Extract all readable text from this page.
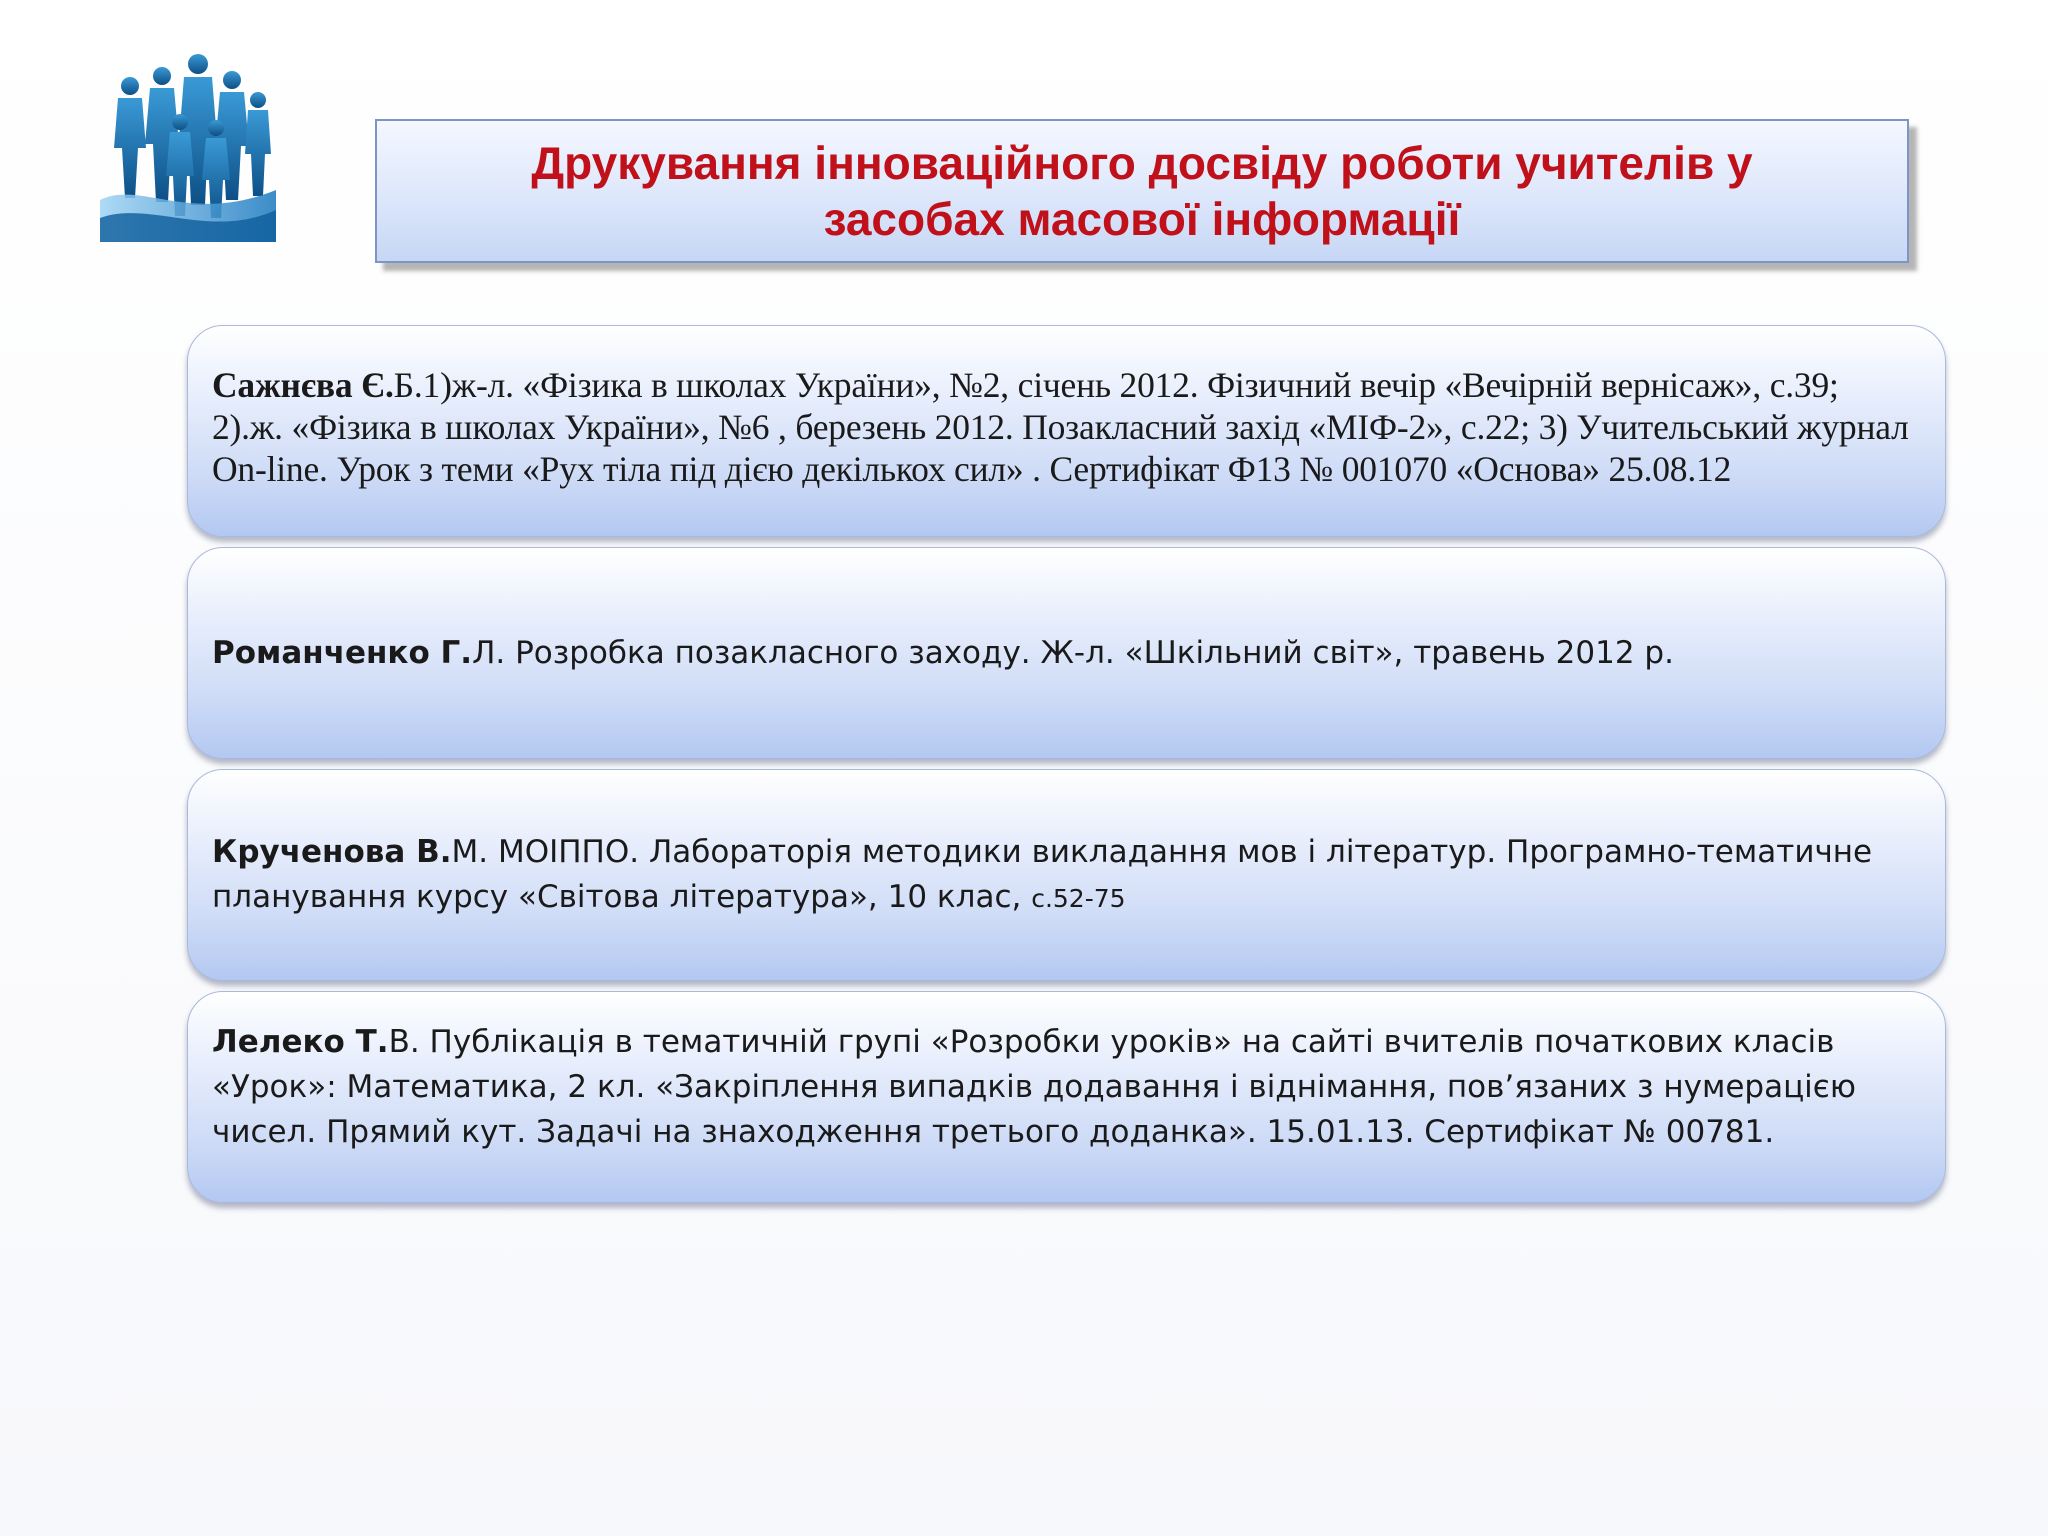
Друкування інноваційного досвіду роботи учителів у
засобах масової інформації
Сажнєва Є.Б.1)ж-л. «Фізика в школах України», №2, січень 2012. Фізичний вечір «Вечірній вернісаж», с.39; 2).ж. «Фізика в школах України», №6 , березень 2012. Позакласний захід «МІФ-2», с.22; 3) Учительський журнал On-line. Урок з теми «Рух тіла під дією декількох сил» . Сертифікат Ф13 № 001070 «Основа» 25.08.12
Романченко Г.Л. Розробка позакласного заходу. Ж-л. «Шкільний світ», травень 2012 р.
Крученова В.М. МОІППО. Лабораторія методики викладання мов і літератур. Програмно-тематичне планування курсу «Світова література», 10 клас, с.52-75
Лелеко Т.В. Публікація в тематичній групі «Розробки уроків» на сайті вчителів початкових класів «Урок»: Математика, 2 кл. «Закріплення випадків додавання і віднімання, пов’язаних з нумерацією чисел. Прямий кут. Задачі на знаходження третього доданка». 15.01.13. Сертифікат № 00781.
